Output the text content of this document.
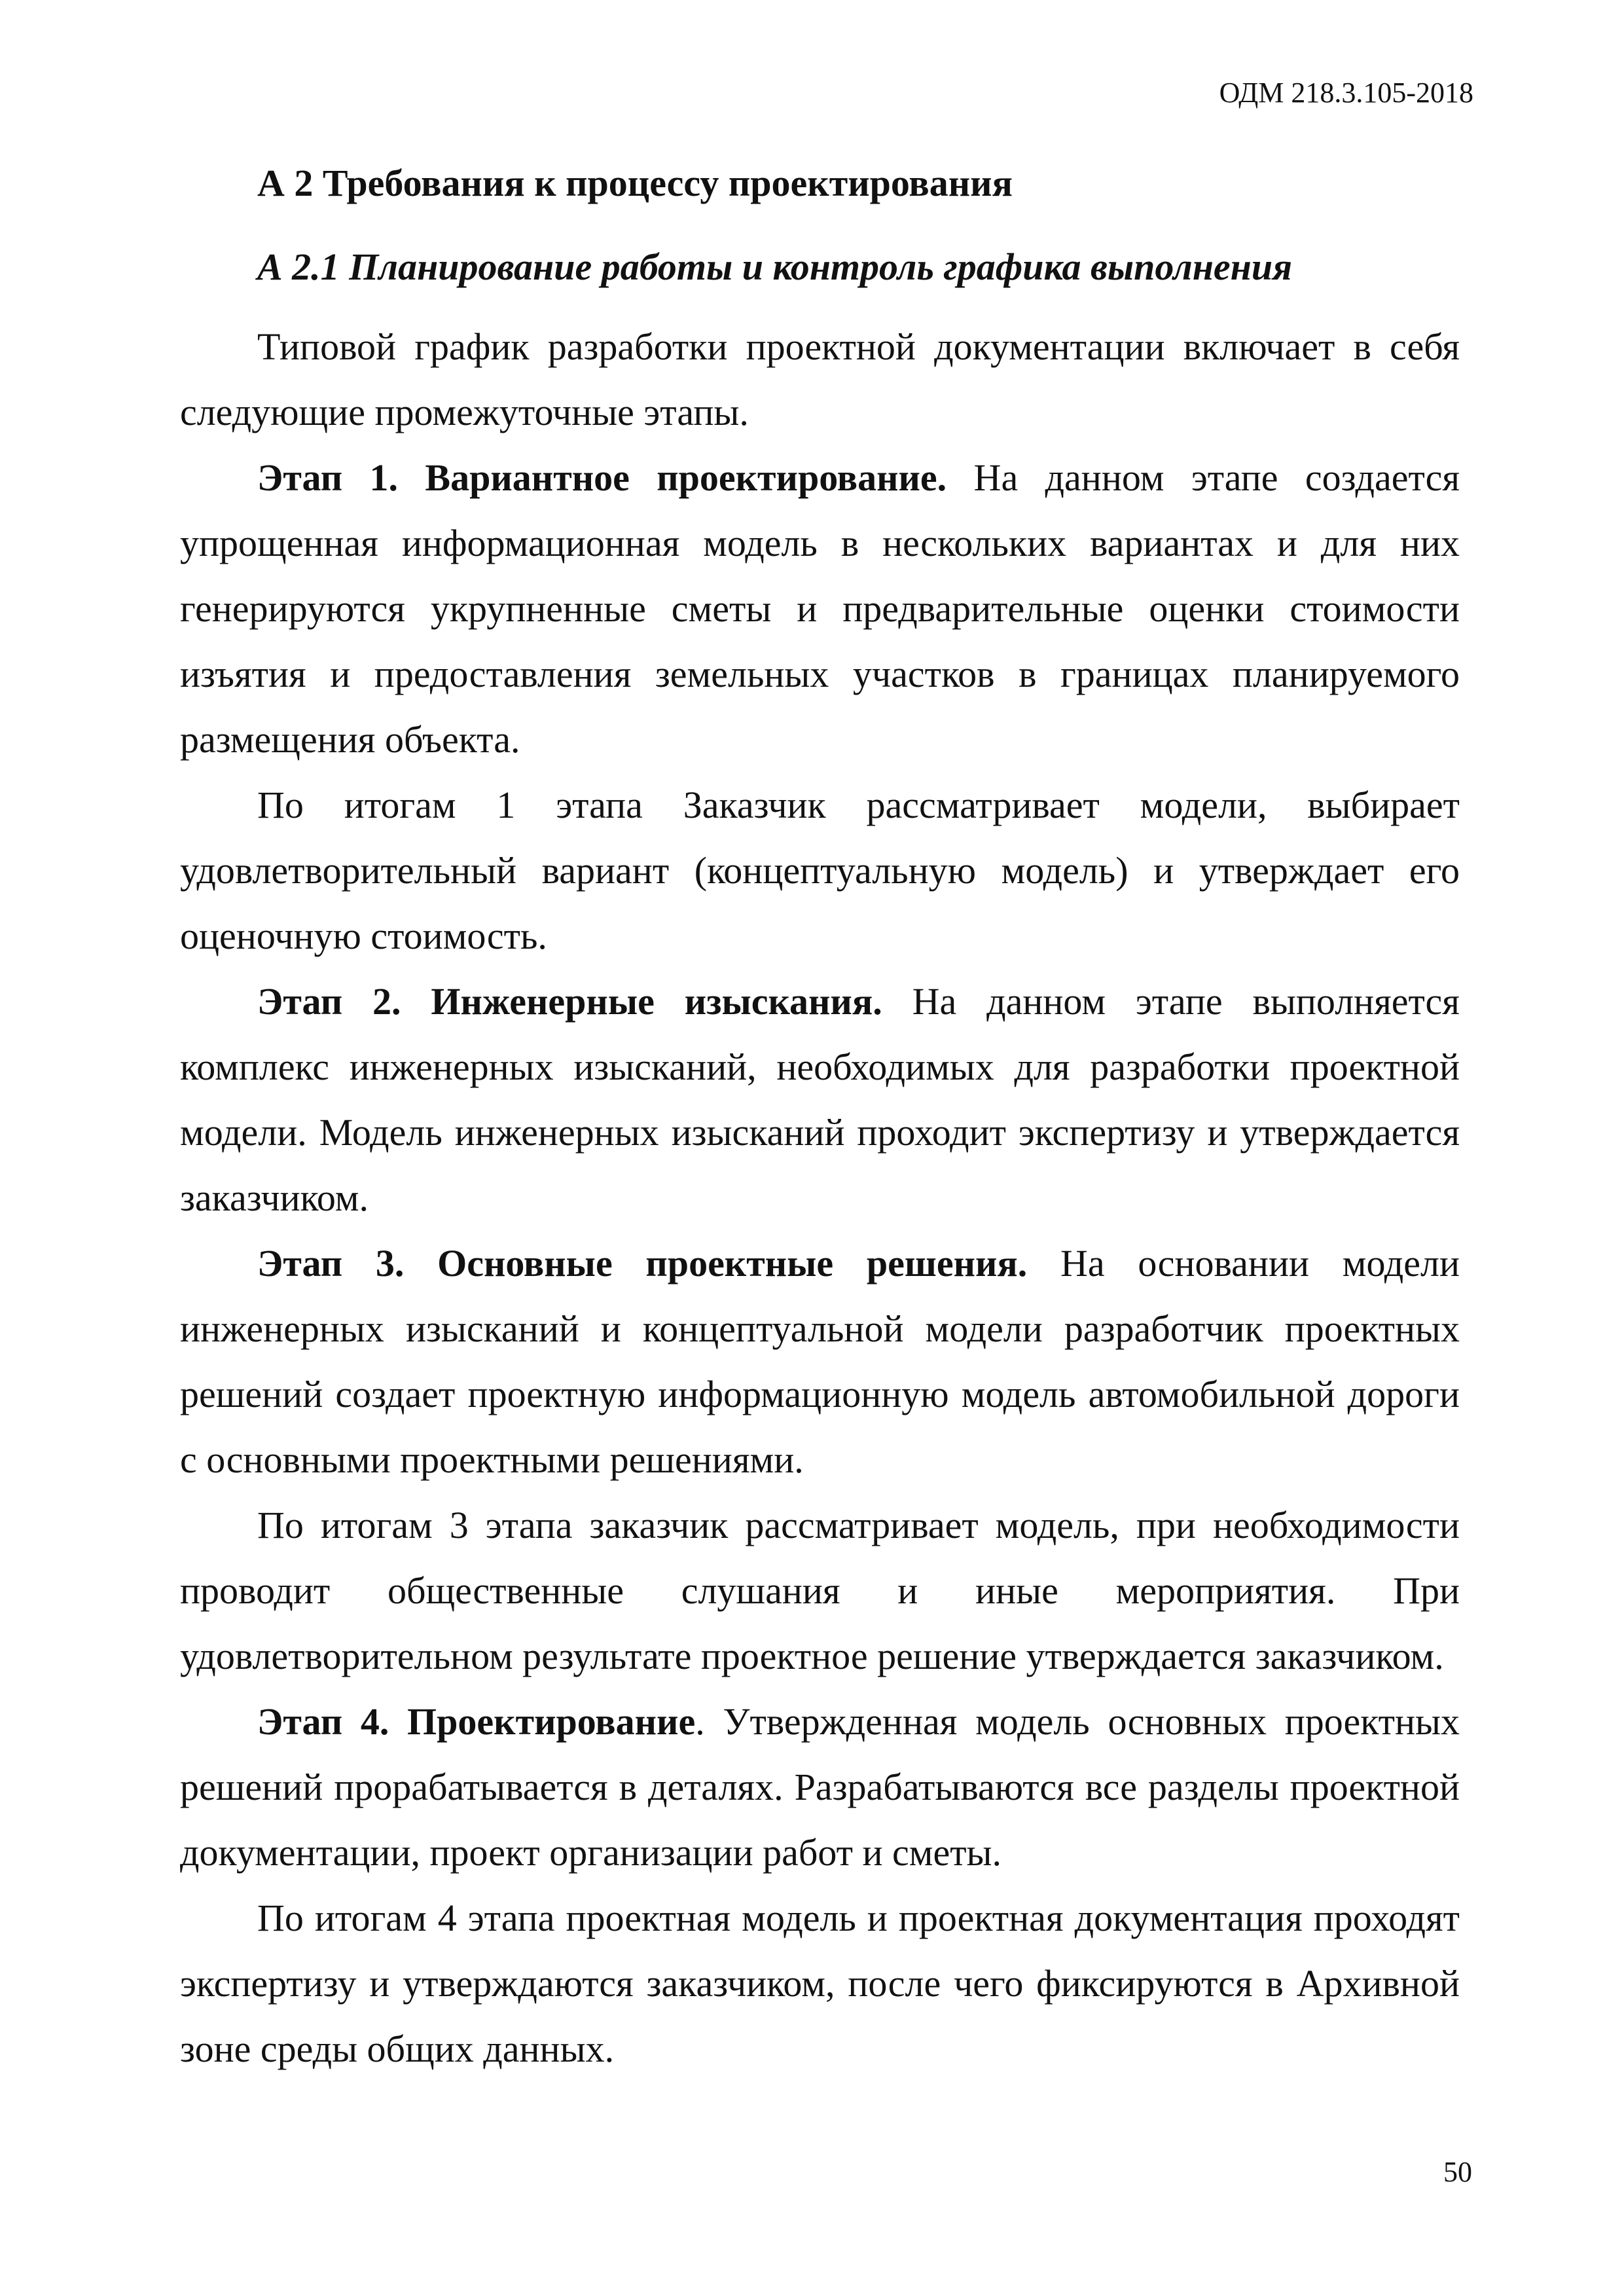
ОДМ 218.3.105-2018

А 2 Требования к процессу проектирования

А 2.1 Планирование работы и контроль графика выполнения

Типовой график разработки проектной документации включает в себя следующие промежуточные этапы.

Этап 1. Вариантное проектирование. На данном этапе создается упрощенная информационная модель в нескольких вариантах и для них генерируются укрупненные сметы и предварительные оценки стоимости изъятия и предоставления земельных участков в границах планируемого размещения объекта.

По итогам 1 этапа Заказчик рассматривает модели, выбирает удовлетворительный вариант (концептуальную модель) и утверждает его оценочную стоимость.

Этап 2. Инженерные изыскания. На данном этапе выполняется комплекс инженерных изысканий, необходимых для разработки проектной модели. Модель инженерных изысканий проходит экспертизу и утверждается заказчиком.

Этап 3. Основные проектные решения. На основании модели инженерных изысканий и концептуальной модели разработчик проектных решений создает проектную информационную модель автомобильной дороги с основными проектными решениями.

По итогам 3 этапа заказчик рассматривает модель, при необходимости проводит общественные слушания и иные мероприятия. При удовлетворительном результате проектное решение утверждается заказчиком.

Этап 4. Проектирование. Утвержденная модель основных проектных решений прорабатывается в деталях. Разрабатываются все разделы проектной документации, проект организации работ и сметы.

По итогам 4 этапа проектная модель и проектная документация проходят экспертизу и утверждаются заказчиком, после чего фиксируются в Архивной зоне среды общих данных.

50
